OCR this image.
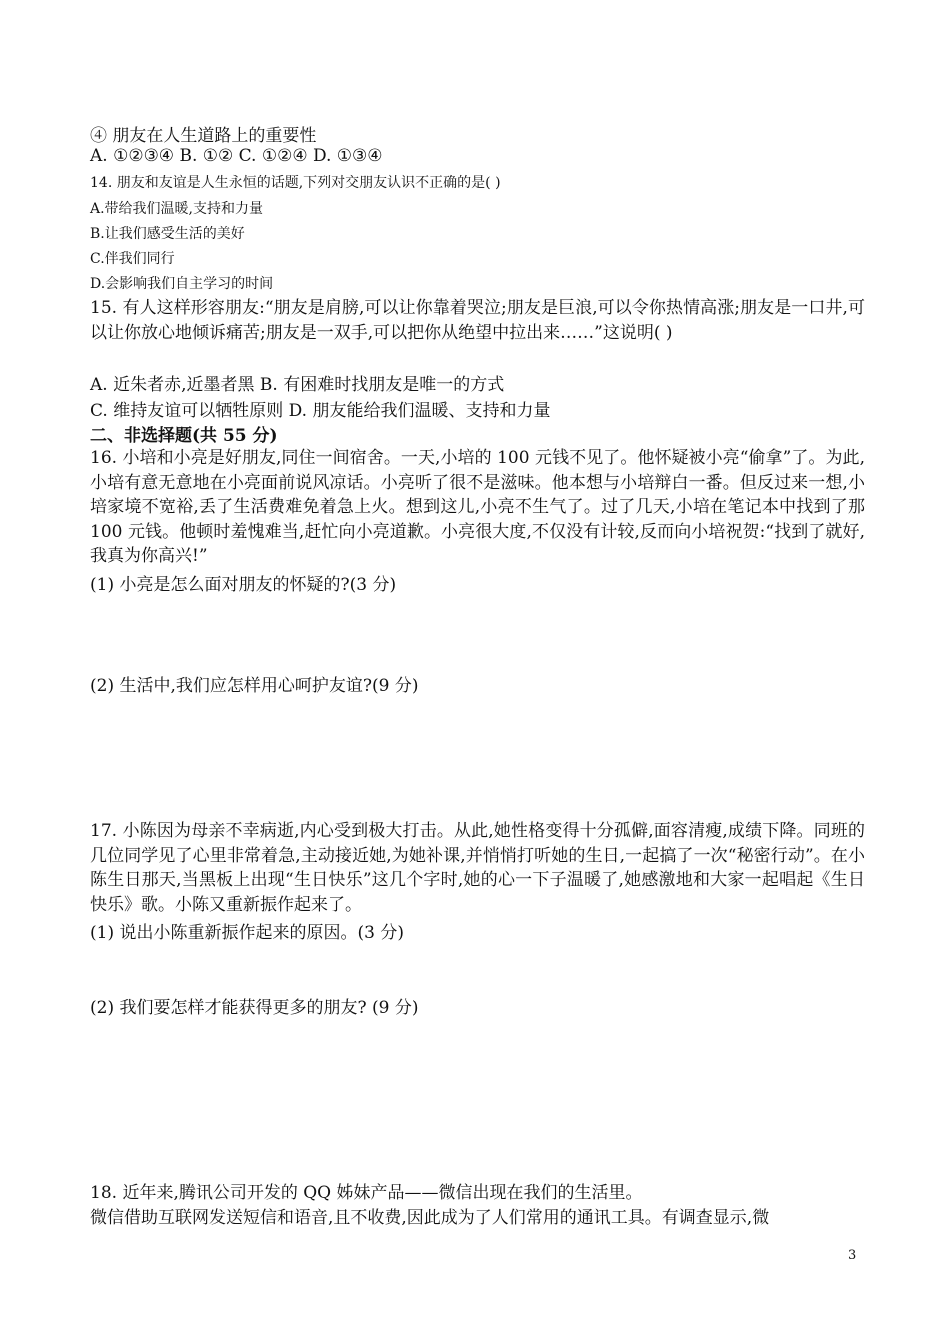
④ 朋友在人生道路上的重要性
A. ①②③④ B. ①② C. ①②④ D. ①③④
14. 朋友和友谊是人生永恒的话题,下列对交朋友认识不正确的是( )
A.带给我们温暖,支持和力量
B.让我们感受生活的美好
C.伴我们同行
D.会影响我们自主学习的时间
15. 有人这样形容朋友:“朋友是肩膀,可以让你靠着哭泣;朋友是巨浪,可以令你热情高涨;朋友是一口井,可以让你放心地倾诉痛苦;朋友是一双手,可以把你从绝望中拉出来……”这说明( )
A. 近朱者赤,近墨者黑 B. 有困难时找朋友是唯一的方式
C. 维持友谊可以牺牲原则 D. 朋友能给我们温暖、支持和力量
二、非选择题(共 55 分)
16. 小培和小亮是好朋友,同住一间宿舍。一天,小培的 100 元钱不见了。他怀疑被小亮“偷拿”了。为此,小培有意无意地在小亮面前说风凉话。小亮听了很不是滋味。他本想与小培辩白一番。但反过来一想,小培家境不宽裕,丢了生活费难免着急上火。想到这儿,小亮不生气了。过了几天,小培在笔记本中找到了那 100 元钱。他顿时羞愧难当,赶忙向小亮道歉。小亮很大度,不仅没有计较,反而向小培祝贺:“找到了就好,我真为你高兴!”
(1) 小亮是怎么面对朋友的怀疑的?(3 分)
(2) 生活中,我们应怎样用心呵护友谊?(9 分)
17. 小陈因为母亲不幸病逝,内心受到极大打击。从此,她性格变得十分孤僻,面容清瘦,成绩下降。同班的几位同学见了心里非常着急,主动接近她,为她补课,并悄悄打听她的生日,一起搞了一次“秘密行动”。在小陈生日那天,当黑板上出现“生日快乐”这几个字时,她的心一下子温暖了,她感激地和大家一起唱起《生日快乐》歌。小陈又重新振作起来了。
(1) 说出小陈重新振作起来的原因。(3 分)
(2) 我们要怎样才能获得更多的朋友? (9 分)
18. 近年来,腾讯公司开发的 QQ 姊妹产品——微信出现在我们的生活里。
微信借助互联网发送短信和语音,且不收费,因此成为了人们常用的通讯工具。有调查显示,微
3
